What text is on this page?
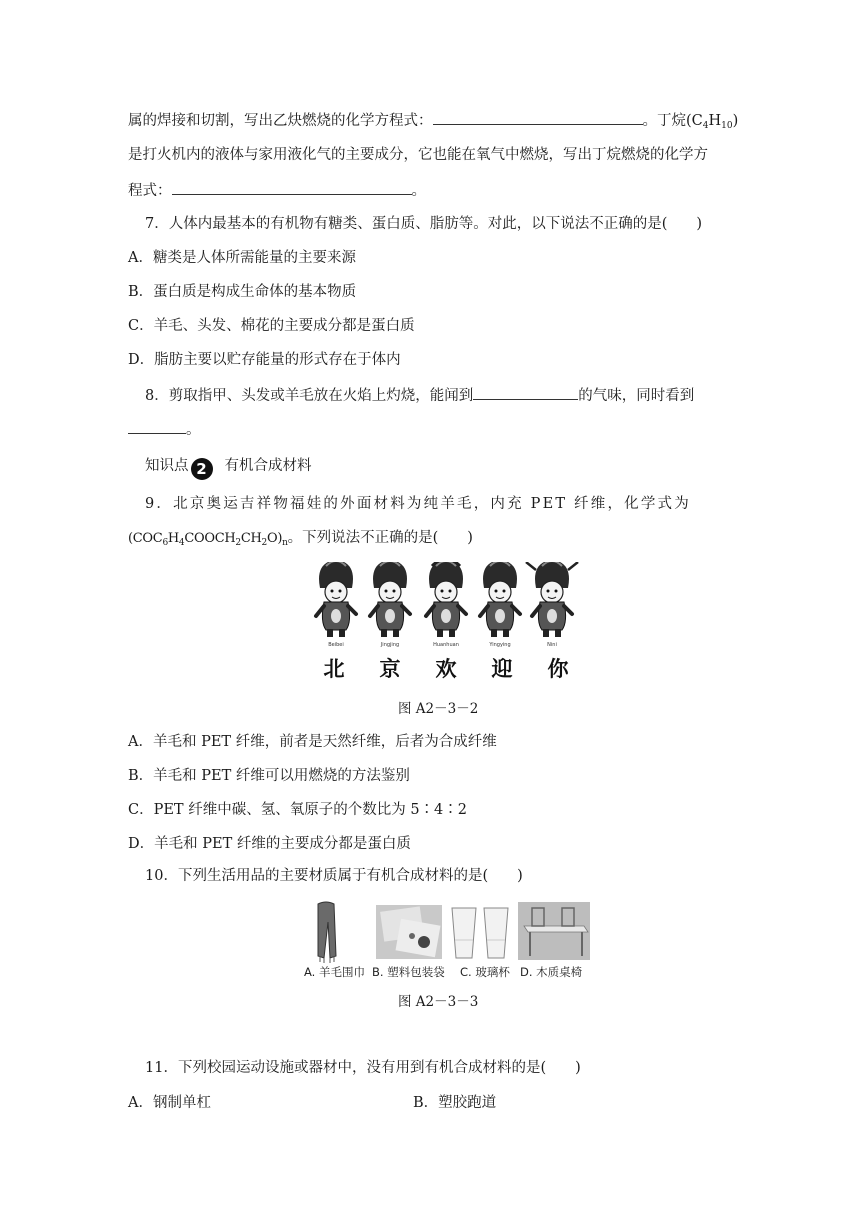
属的焊接和切割，写出乙炔燃烧的化学方程式：	。丁烷$(C_4H_{10})$
是打火机内的液体与家用液化气的主要成分，它也能在氧气中燃烧，写出丁烷燃烧的化学方
程式：	。
7．人体内最基本的有机物有糖类、蛋白质、脂肪等。对此，以下说法不正确的是(　　)
A．糖类是人体所需能量的主要来源
B．蛋白质是构成生命体的基本物质
C．羊毛、头发、棉花的主要成分都是蛋白质
D．脂肪主要以贮存能量的形式存在于体内
8．剪取指甲、头发或羊毛放在火焰上灼烧，能闻到	的气味，同时看到
。
知识点 2 有机合成材料
9．北京奥运吉祥物福娃的外面材料为纯羊毛，内充 PET 纤维，化学式为
$(COC_6H_4COOCH_2CH_2O)_n$。下列说法不正确的是(　　)
Beibei	Jingjing	Huanhuan	Yingying	Nini
北 京 欢 迎 你
图 A2－3－2
A．羊毛和 PET 纤维，前者是天然纤维，后者为合成纤维
B．羊毛和 PET 纤维可以用燃烧的方法鉴别
C．PET 纤维中碳、氢、氧原子的个数比为 5∶4∶2
D．羊毛和 PET 纤维的主要成分都是蛋白质
10．下列生活用品的主要材质属于有机合成材料的是(　　)
A. 羊毛围巾 B. 塑料包装袋 C. 玻璃杯 D. 木质桌椅
图 A2－3－3
11．下列校园运动设施或器材中，没有用到有机合成材料的是(　　)
A．钢制单杠	B．塑胶跑道
